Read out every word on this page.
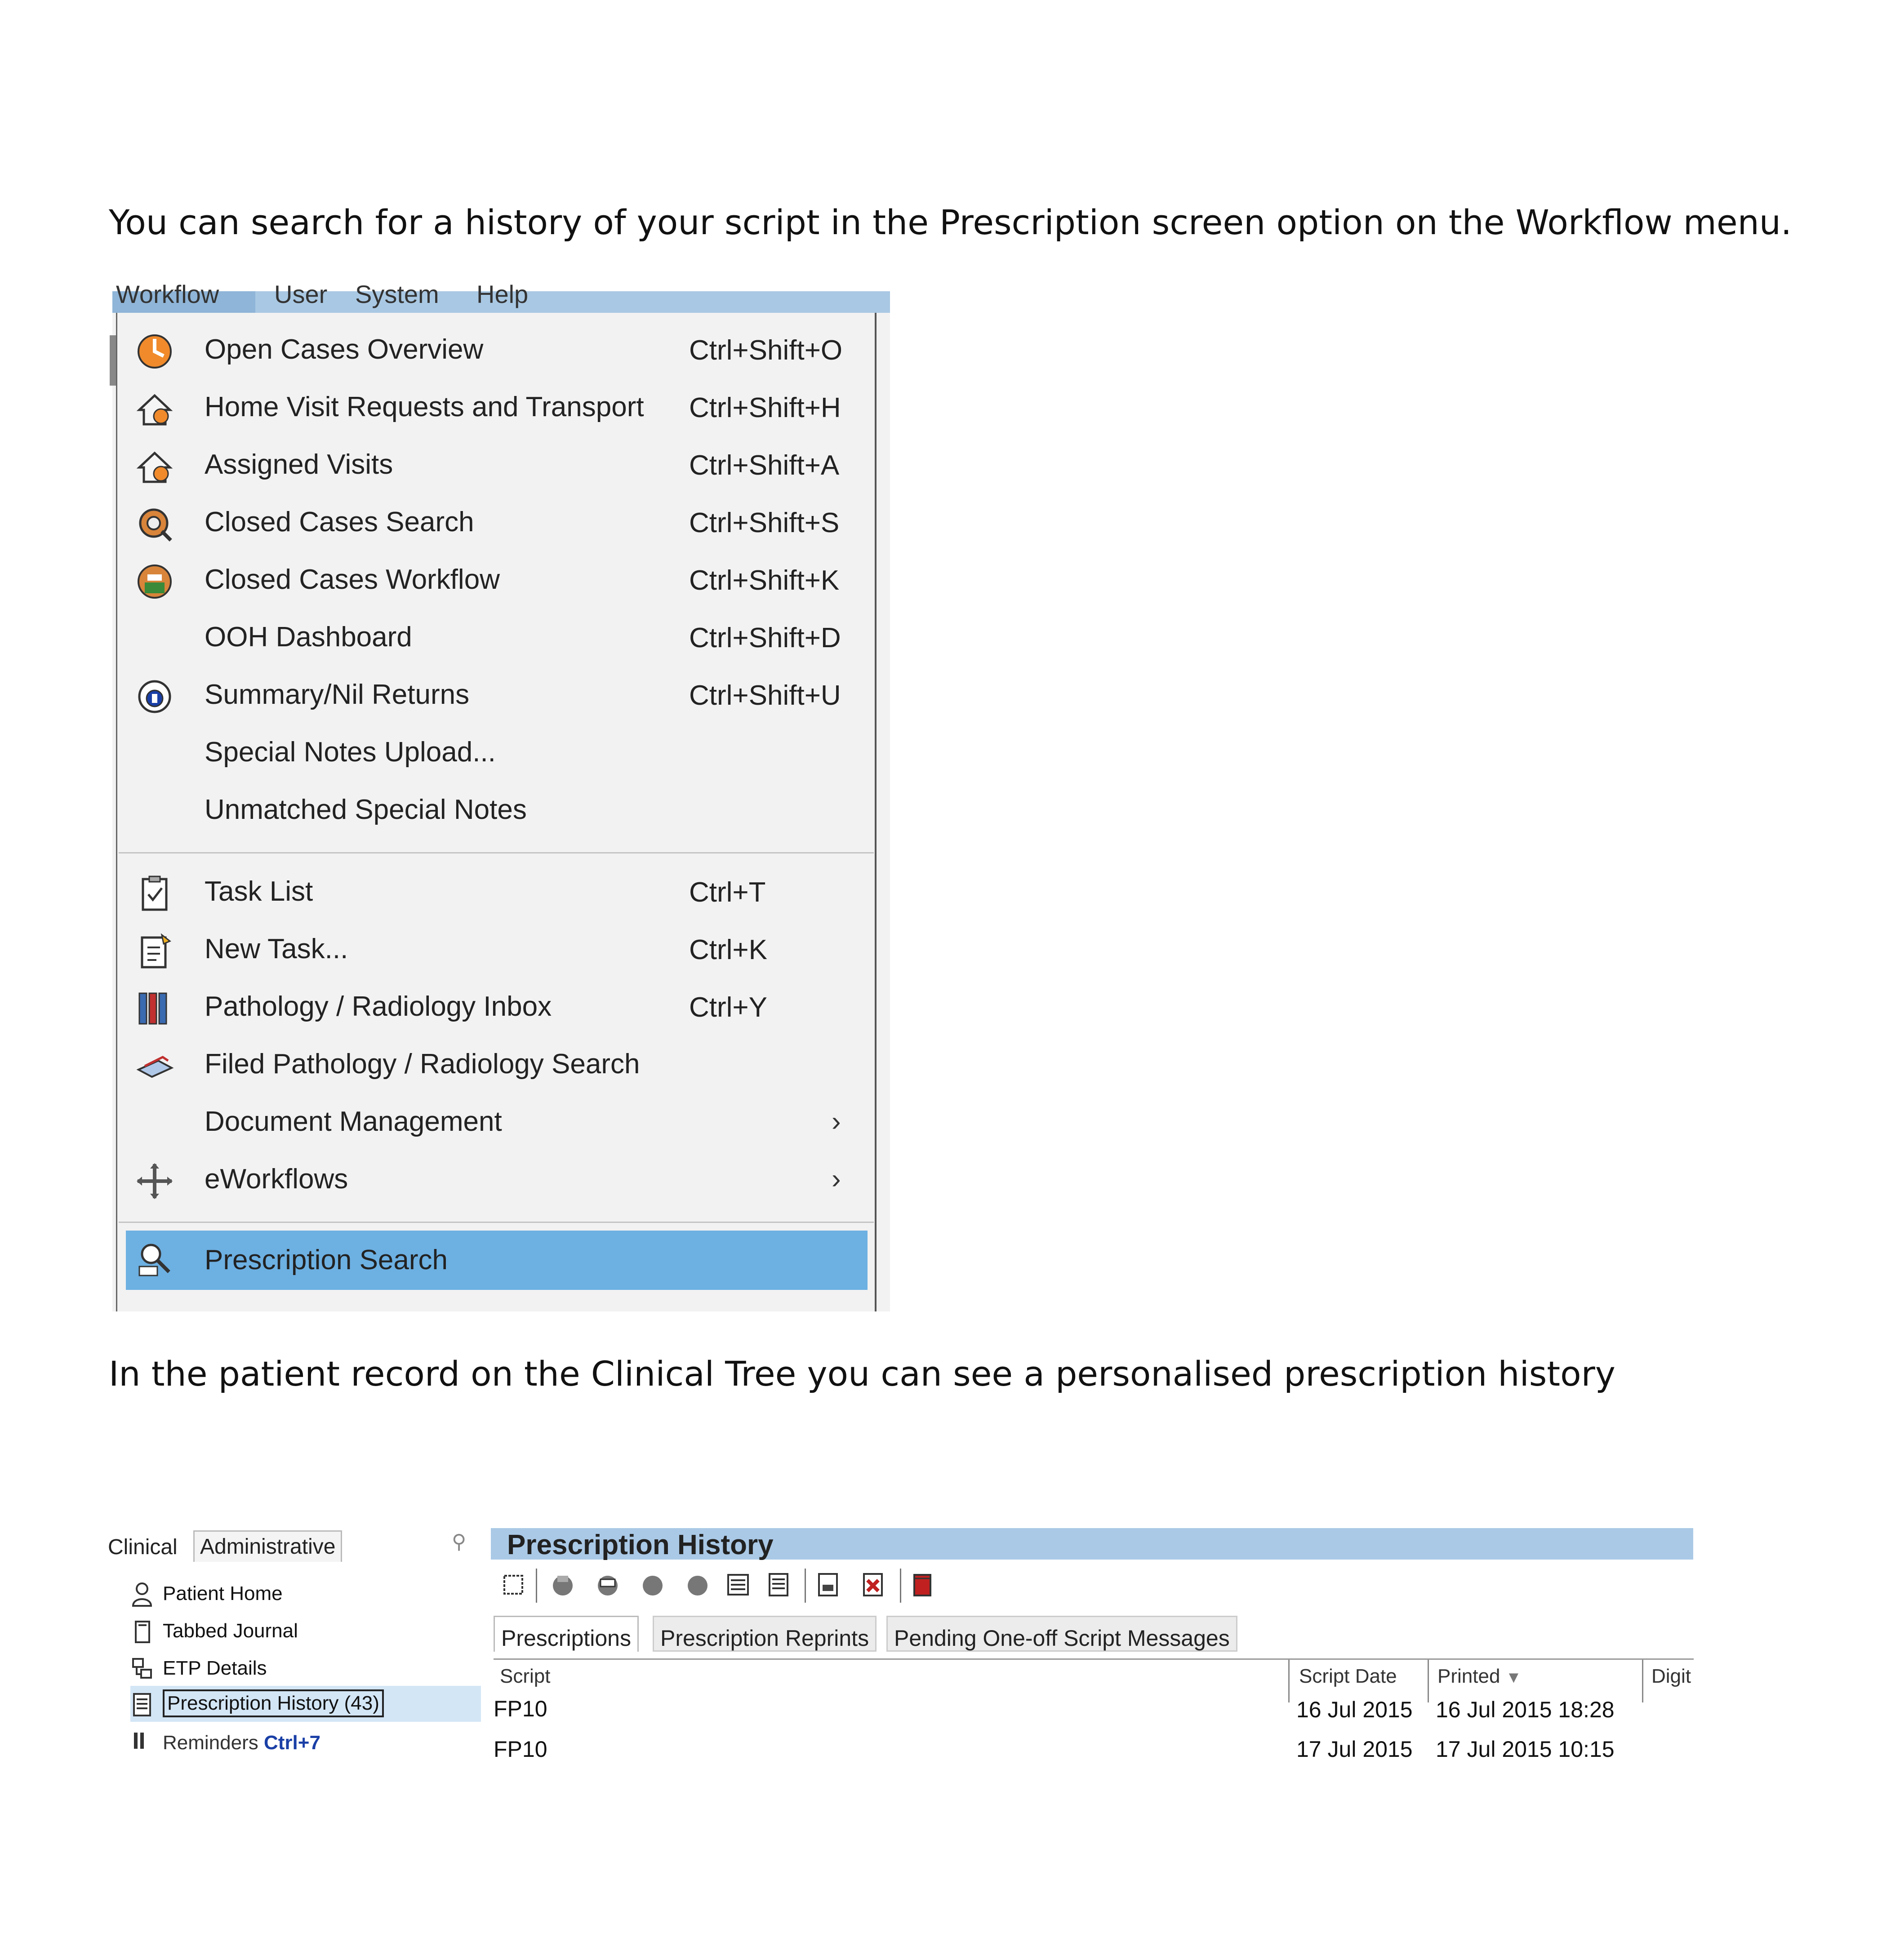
You can search for a history of your script in the Prescription screen option on the Workflow menu.
Workflow User System Help
Open Cases Overview	Ctrl+Shift+O
Home Visit Requests and Transport Ctrl+Shift+H
Assigned Visits	Ctrl+Shift+A
Closed Cases Search	Ctrl+Shift+S
Closed Cases Workflow	Ctrl+Shift+K
OOH Dashboard	Ctrl+Shift+D
Summary/Nil Returns	Ctrl+Shift+U
Special Notes Upload...
Unmatched Special Notes
Task List	Ctrl+T
New Task...	Ctrl+K
Pathology / Radiology Inbox	Ctrl+Y
Filed Pathology / Radiology Search
Document Management	›
eWorkflows	›
Prescription Search
In the patient record on the Clinical Tree you can see a personalised prescription history
Clinical	Administrative	⚲
Patient Home
Tabbed Journal
ETP Details
Prescription History (43)
Reminders Ctrl+7
Prescription History
Prescriptions	Prescription Reprints	Pending One-off Script Messages
Script	Script Date Printed ▼	Digit
FP10	16 Jul 2015 16 Jul 2015 18:28
FP10	17 Jul 2015 17 Jul 2015 10:15
